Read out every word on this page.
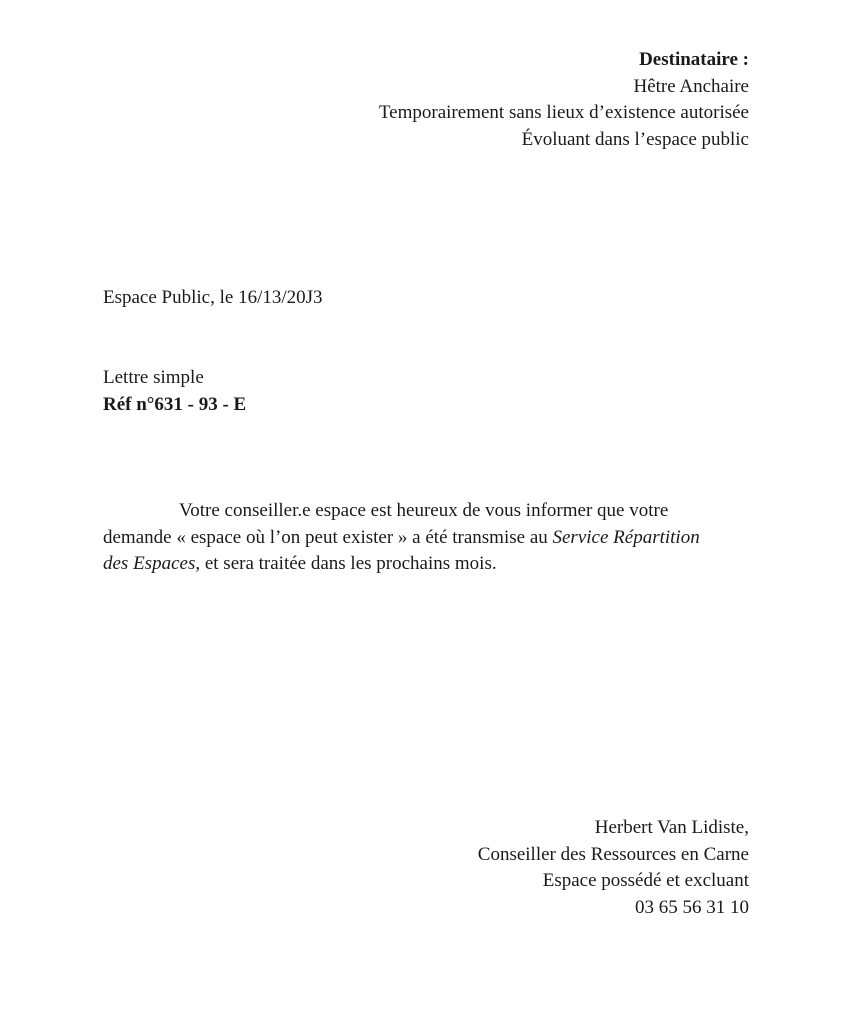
Destinataire :
Hêtre Anchaire
Temporairement sans lieux d’existence autorisée
Évoluant dans l’espace public
Espace Public, le 16/13/20J3
Lettre simple
Réf n°631 - 93 - E
Votre conseiller.e espace est heureux de vous informer que votre
demande « espace où l’on peut exister » a été transmise au Service Répartition
des Espaces, et sera traitée dans les prochains mois.
Herbert Van Lidiste,
Conseiller des Ressources en Carne
Espace possédé et excluant
03 65 56 31 10
